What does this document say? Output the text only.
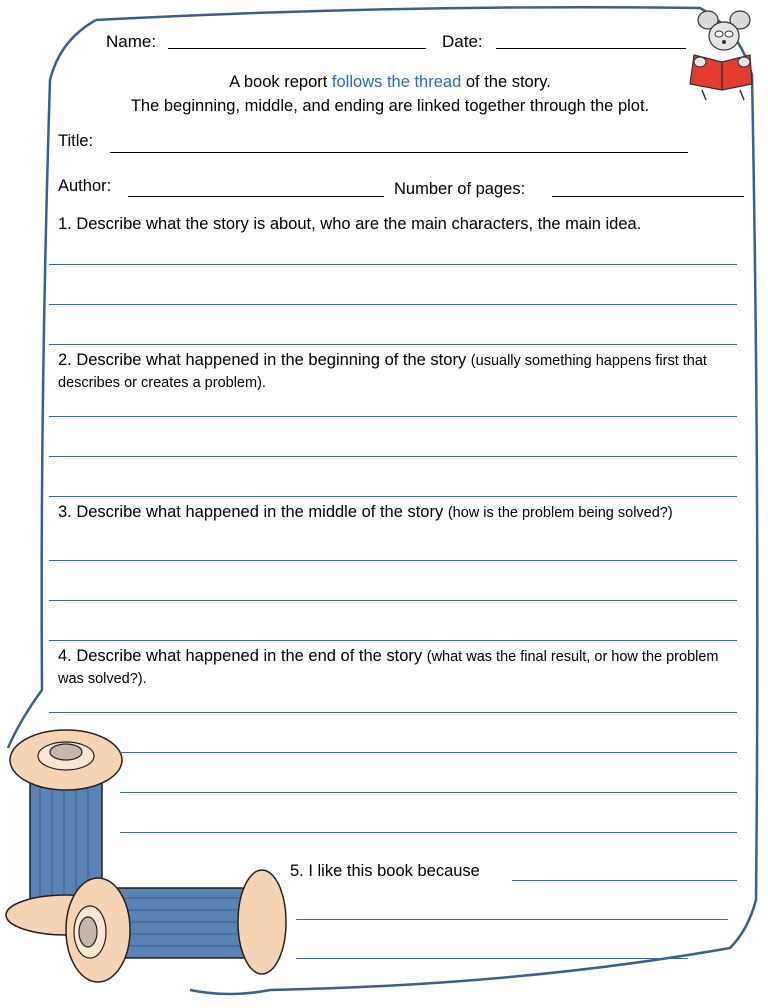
Name:	Date:
A book report follows the thread of the story.
The beginning, middle, and ending are linked together through the plot.
Title:
Author:	Number of pages:
1. Describe what the story is about, who are the main characters, the main idea.
2. Describe what happened in the beginning of the story (usually something happens first that describes or creates a problem).
3. Describe what happened in the middle of the story (how is the problem being solved?)
4. Describe what happened in the end of the story (what was the final result, or how the problem was solved?).
5. I like this book because
